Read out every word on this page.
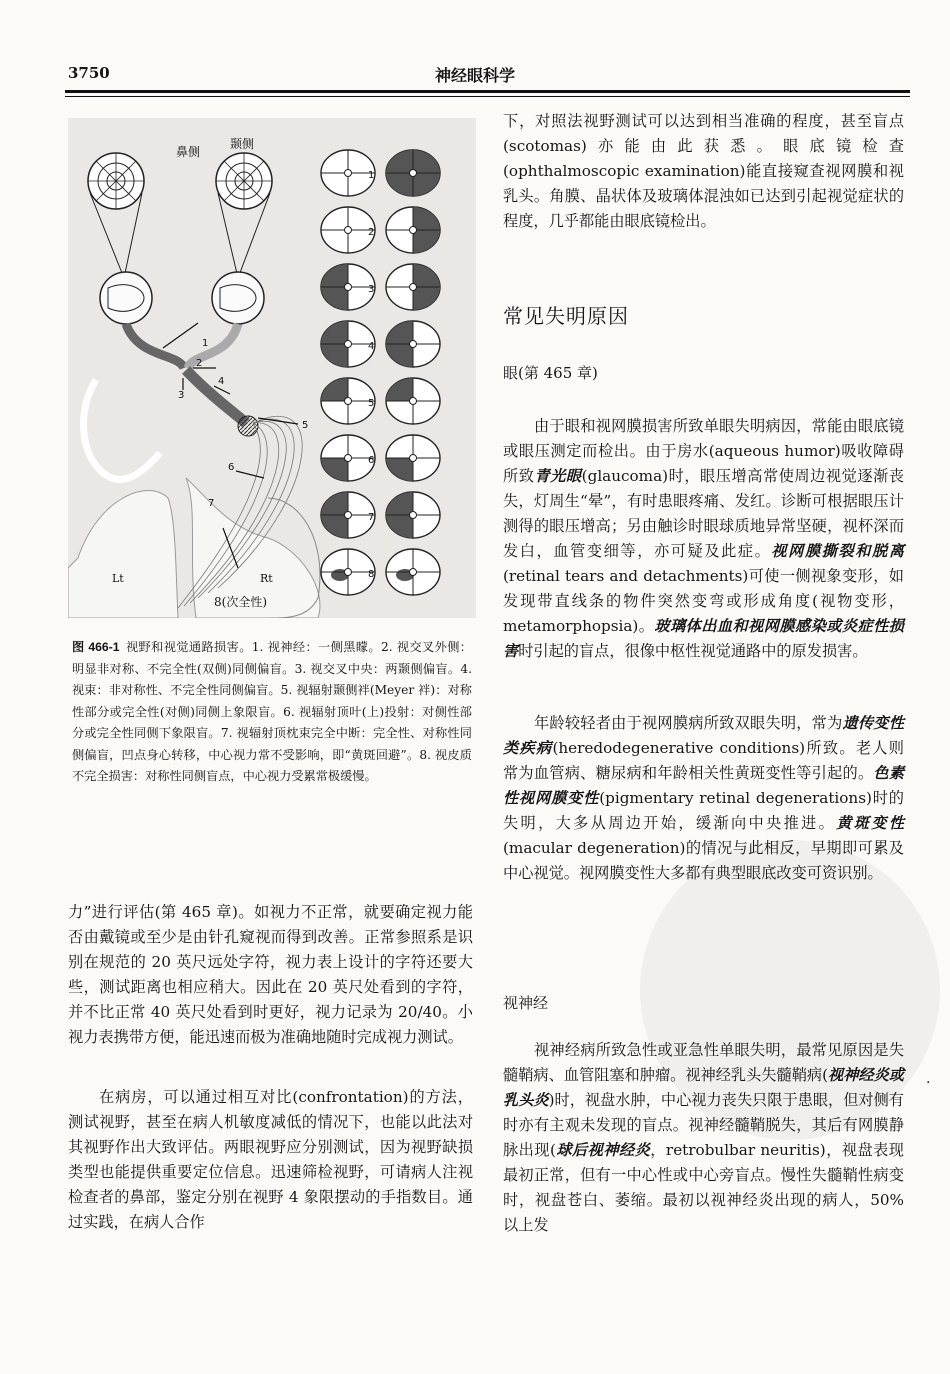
3750	神经眼科学
1
2
3
4
5
6
7
鼻侧
颞侧
Lt	Rt
8(次全性)
1
2
3
4
5
6
7
8
图 466-1 视野和视觉通路损害。1. 视神经：一侧黑矇。2. 视交叉外侧：明显非对称、不完全性(双侧)同侧偏盲。3. 视交叉中央：两颞侧偏盲。4. 视束：非对称性、不完全性同侧偏盲。5. 视辐射颞侧袢(Meyer 袢)：对称性部分或完全性(对侧)同侧上象限盲。6. 视辐射顶叶(上)投射：对侧性部分或完全性同侧下象限盲。7. 视辐射顶枕束完全中断：完全性、对称性同侧偏盲，凹点身心转移，中心视力常不受影响，即“黄斑回避”。8. 视皮质不完全损害：对称性同侧盲点，中心视力受累常极缓慢。

力”进行评估(第 465 章)。如视力不正常，就要确定视力能否由戴镜或至少是由针孔窥视而得到改善。正常参照系是识别在规范的 20 英尺远处字符，视力表上设计的字符还要大些，测试距离也相应稍大。因此在 20 英尺处看到的字符，并不比正常 40 英尺处看到时更好，视力记录为 20/40。小视力表携带方便，能迅速而极为准确地随时完成视力测试。

在病房，可以通过相互对比(confrontation)的方法，测试视野，甚至在病人机敏度减低的情况下，也能以此法对其视野作出大致评估。两眼视野应分别测试，因为视野缺损类型也能提供重要定位信息。迅速筛检视野，可请病人注视检查者的鼻部，鉴定分别在视野 4 象限摆动的手指数目。通过实践，在病人合作

下，对照法视野测试可以达到相当准确的程度，甚至盲点(scotomas)亦能由此获悉。眼底镜检查(ophthalmoscopic examination)能直接窥查视网膜和视乳头。角膜、晶状体及玻璃体混浊如已达到引起视觉症状的程度，几乎都能由眼底镜检出。

常见失明原因
眼(第 465 章)

由于眼和视网膜损害所致单眼失明病因，常能由眼底镜或眼压测定而检出。由于房水(aqueous humor)吸收障碍所致青光眼(glaucoma)时，眼压增高常使周边视觉逐渐丧失，灯周生“晕”，有时患眼疼痛、发红。诊断可根据眼压计测得的眼压增高；另由触诊时眼球质地异常坚硬，视杯深而发白，血管变细等，亦可疑及此症。视网膜撕裂和脱离(retinal tears and detachments)可使一侧视象变形，如发现带直线条的物件突然变弯或形成角度(视物变形，metamorphopsia)。玻璃体出血和视网膜感染或炎症性损害时引起的盲点，很像中枢性视觉通路中的原发损害。

年龄较轻者由于视网膜病所致双眼失明，常为遗传变性类疾病(heredodegenerative conditions)所致。老人则常为血管病、糖尿病和年龄相关性黄斑变性等引起的。色素性视网膜变性(pigmentary retinal degenerations)时的失明，大多从周边开始，缓渐向中央推进。黄斑变性(macular degeneration)的情况与此相反，早期即可累及中心视觉。视网膜变性大多都有典型眼底改变可资识别。

视神经

视神经病所致急性或亚急性单眼失明，最常见原因是失髓鞘病、血管阻塞和肿瘤。视神经乳头失髓鞘病(视神经炎或乳头炎)时，视盘水肿，中心视力丧失只限于患眼，但对侧有时亦有主观未发现的盲点。视神经髓鞘脱失，其后有网膜静脉出现(球后视神经炎，retrobulbar neuritis)，视盘表现最初正常，但有一中心性或中心旁盲点。慢性失髓鞘性病变时，视盘苍白、萎缩。最初以视神经炎出现的病人，50% 以上发

·
